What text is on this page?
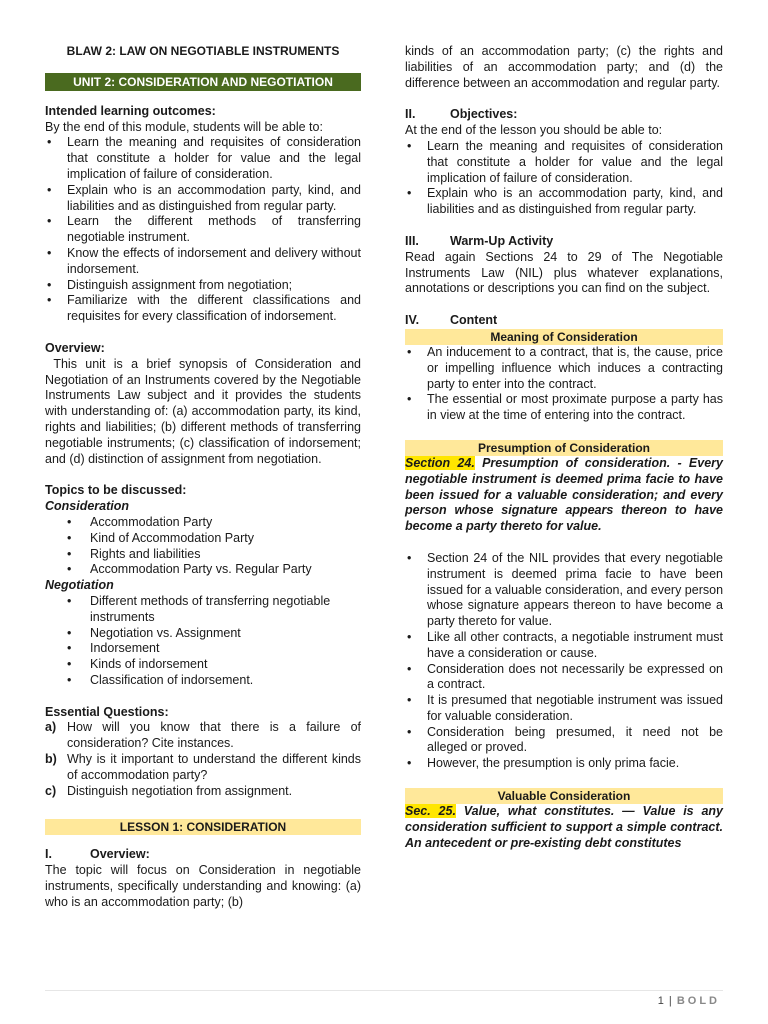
BLAW 2: LAW ON NEGOTIABLE INSTRUMENTS

UNIT 2: CONSIDERATION AND NEGOTIATION

Intended learning outcomes:

By the end of this module, students will be able to:

• Learn the meaning and requisites of consideration that constitute a holder for value and the legal implication of failure of consideration.
• Explain who is an accommodation party, kind, and liabilities and as distinguished from regular party.
• Learn the different methods of transferring negotiable instrument.
• Know the effects of indorsement and delivery without indorsement.
• Distinguish assignment from negotiation;
• Familiarize with the different classifications and requisites for every classification of indorsement.

Overview:

This unit is a brief synopsis of Consideration and Negotiation of an Instruments covered by the Negotiable Instruments Law subject and it provides the students with understanding of: (a) accommodation party, its kind, rights and liabilities; (b) different methods of transferring negotiable instruments; (c) classification of indorsement; and (d) distinction of assignment from negotiation.

Topics to be discussed:

Consideration

• Accommodation Party
• Kind of Accommodation Party
• Rights and liabilities
• Accommodation Party vs. Regular Party

Negotiation

• Different methods of transferring negotiable instruments
• Negotiation vs. Assignment
• Indorsement
• Kinds of indorsement
• Classification of indorsement.

Essential Questions:

a) How will you know that there is a failure of consideration? Cite instances.
b) Why is it important to understand the different kinds of accommodation party?
c) Distinguish negotiation from assignment.
LESSON 1: CONSIDERATION
I.	Overview:

The topic will focus on Consideration in negotiable instruments, specifically understanding and knowing: (a) who is an accommodation party; (b)

kinds of an accommodation party; (c) the rights and liabilities of an accommodation party; and (d) the difference between an accommodation and regular party.

II.	Objectives:

At the end of the lesson you should be able to:

• Learn the meaning and requisites of consideration that constitute a holder for value and the legal implication of failure of consideration.
• Explain who is an accommodation party, kind, and liabilities and as distinguished from regular party.
III.	Warm-Up Activity

Read again Sections 24 to 29 of The Negotiable Instruments Law (NIL) plus whatever explanations, annotations or descriptions you can find on the subject.

IV.	Content
Meaning of Consideration
• An inducement to a contract, that is, the cause, price or impelling influence which induces a contracting party to enter into the contract.
• The essential or most proximate purpose a party has in view at the time of entering into the contract.
Presumption of Consideration

Section 24. Presumption of consideration. - Every negotiable instrument is deemed prima facie to have been issued for a valuable consideration; and every person whose signature appears thereon to have become a party thereto for value.

• Section 24 of the NIL provides that every negotiable instrument is deemed prima facie to have been issued for a valuable consideration, and every person whose signature appears thereon to have become a party thereto for value.
• Like all other contracts, a negotiable instrument must have a consideration or cause.
• Consideration does not necessarily be expressed on a contract.
• It is presumed that negotiable instrument was issued for valuable consideration.
• Consideration being presumed, it need not be alleged or proved.
• However, the presumption is only prima facie.
Valuable Consideration

Sec. 25. Value, what constitutes. — Value is any consideration sufficient to support a simple contract. An antecedent or pre-existing debt constitutes

1 | BOLD
